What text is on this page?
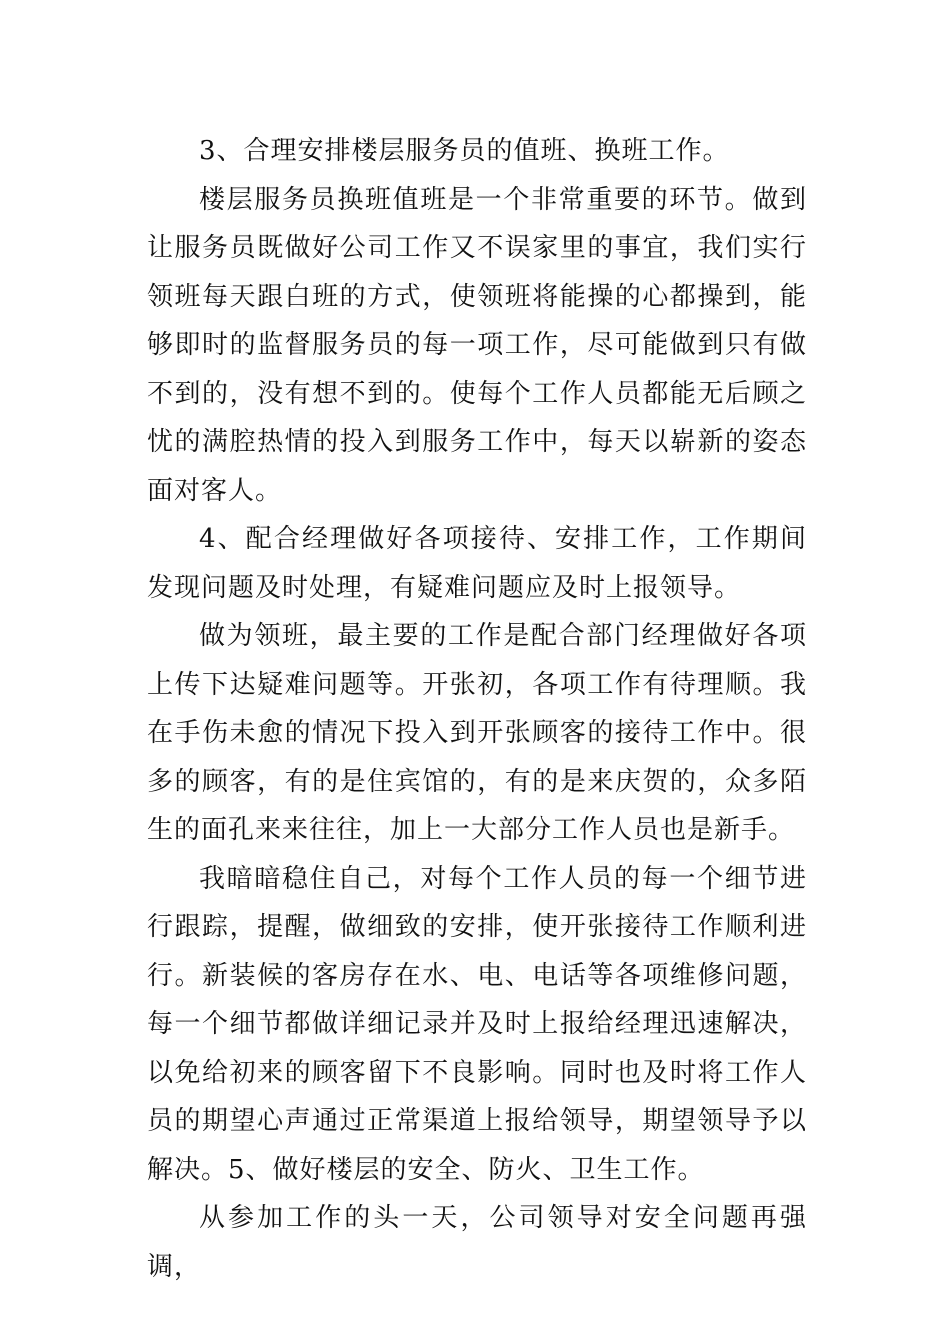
3、合理安排楼层服务员的值班、换班工作。

楼层服务员换班值班是一个非常重要的环节。做到让服务员既做好公司工作又不误家里的事宜，我们实行领班每天跟白班的方式，使领班将能操的心都操到，能够即时的监督服务员的每一项工作，尽可能做到只有做不到的，没有想不到的。使每个工作人员都能无后顾之忧的满腔热情的投入到服务工作中，每天以崭新的姿态面对客人。

4、配合经理做好各项接待、安排工作，工作期间发现问题及时处理，有疑难问题应及时上报领导。

做为领班，最主要的工作是配合部门经理做好各项上传下达疑难问题等。开张初，各项工作有待理顺。我在手伤未愈的情况下投入到开张顾客的接待工作中。很多的顾客，有的是住宾馆的，有的是来庆贺的，众多陌生的面孔来来往往，加上一大部分工作人员也是新手。

我暗暗稳住自己，对每个工作人员的每一个细节进行跟踪，提醒，做细致的安排，使开张接待工作顺利进行。新装候的客房存在水、电、电话等各项维修问题，每一个细节都做详细记录并及时上报给经理迅速解决，以免给初来的顾客留下不良影响。同时也及时将工作人员的期望心声通过正常渠道上报给领导，期望领导予以解决。5、做好楼层的安全、防火、卫生工作。

从参加工作的头一天，公司领导对安全问题再强调，
